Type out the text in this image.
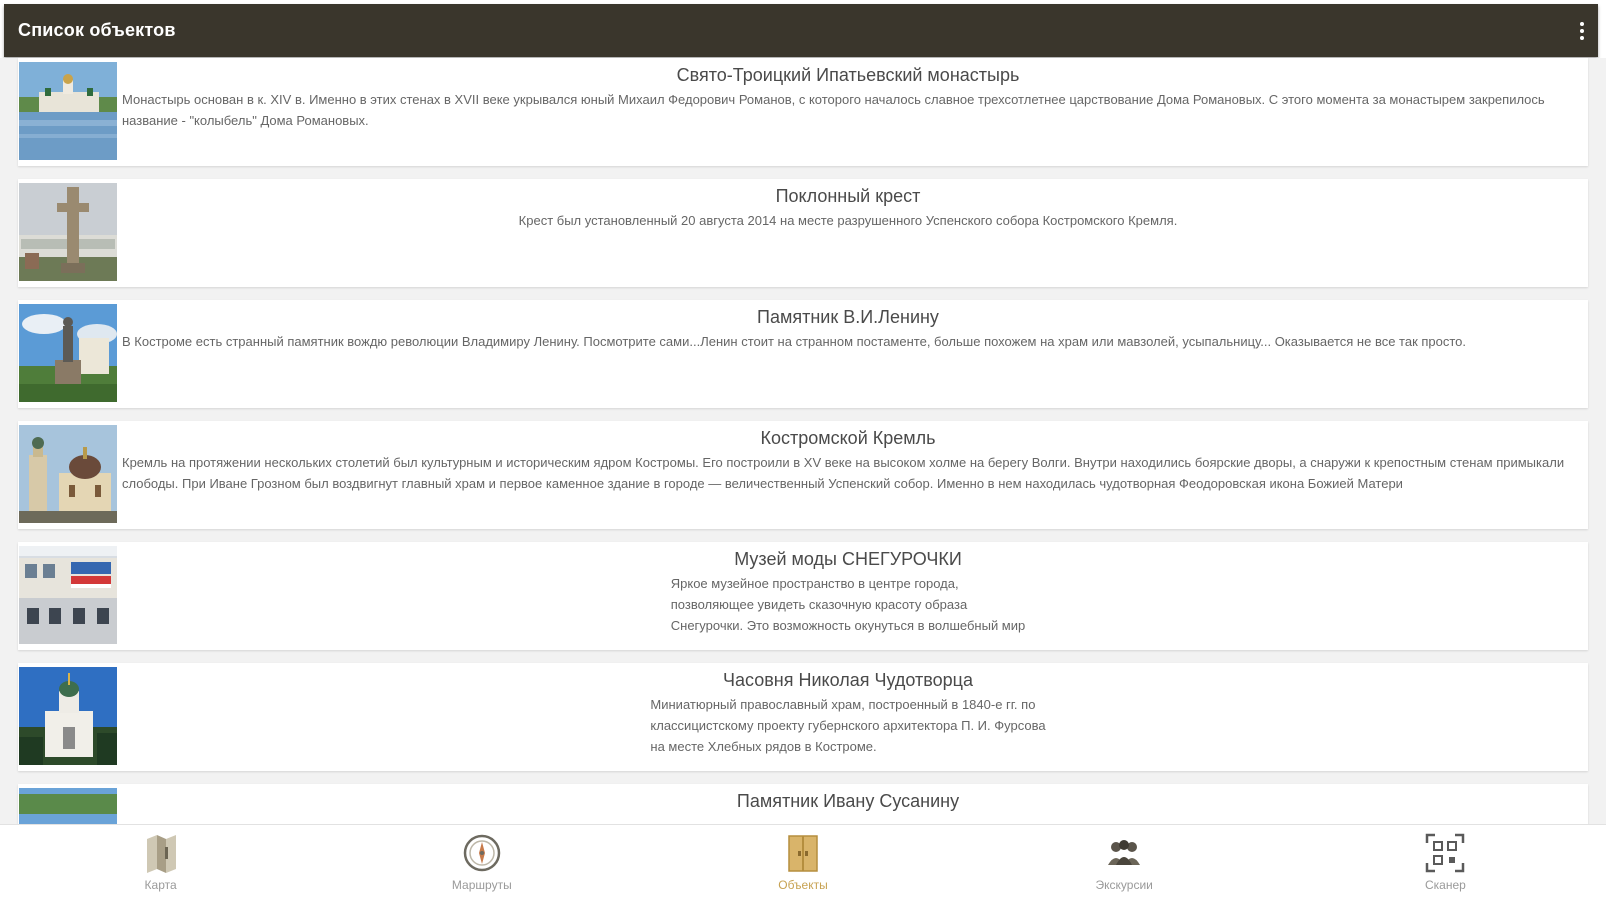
Список объектов
Свято-Троицкий Ипатьевский монастырь
Монастырь основан в к. XIV в. Именно в этих стенах в XVII веке укрывался юный Михаил Федорович Романов, с которого началось славное трехсотлетнее царствование Дома Романовых. С этого момента за монастырем закрепилось название - "колыбель" Дома Романовых.
Поклонный крест
Крест был установленный 20 августа 2014 на месте разрушенного Успенского собора Костромского Кремля.
Памятник В.И.Ленину
В Костроме есть странный памятник вождю революции Владимиру Ленину. Посмотрите сами...Ленин стоит на странном постаменте, больше похожем на храм или мавзолей, усыпальницу... Оказывается не все так просто.
Костромской Кремль
Кремль на протяжении нескольких столетий был культурным и историческим ядром Костромы. Его построили в XV веке на высоком холме на берегу Волги. Внутри находились боярские дворы, а снаружи к крепостным стенам примыкали слободы. При Иване Грозном был воздвигнут главный храм и первое каменное здание в городе — величественный Успенский собор. Именно в нем находилась чудотворная Феодоровская икона Божией Матери
Музей моды СНЕГУРОЧКИ
Яркое музейное пространство в центре города,
позволяющее увидеть сказочную красоту образа
Снегурочки. Это возможность окунуться в волшебный мир
Часовня Николая Чудотворца
Миниатюрный православный храм, построенный в 1840-е гг. по
классицистскому проекту губернского архитектора П. И. Фурсова
на месте Хлебных рядов в Костроме.
Памятник Ивану Сусанину
Карта	Маршруты	Объекты	Экскурсии	Сканер
